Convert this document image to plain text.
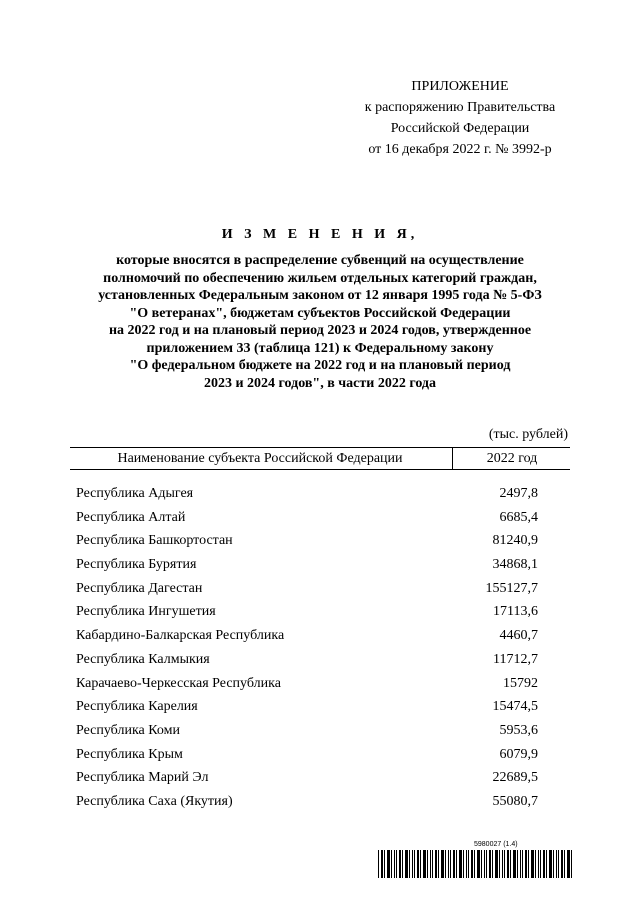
ПРИЛОЖЕНИЕ
к распоряжению Правительства
Российской Федерации
от 16 декабря 2022 г. № 3992-р
И З М Е Н Е Н И Я,
которые вносятся в распределение субвенций на осуществление
полномочий по обеспечению жильем отдельных категорий граждан,
установленных Федеральным законом от 12 января 1995 года № 5-ФЗ
"О ветеранах", бюджетам субъектов Российской Федерации
на 2022 год и на плановый период 2023 и 2024 годов, утвержденное
приложением 33 (таблица 121) к Федеральному закону
"О федеральном бюджете на 2022 год и на плановый период
2023 и 2024 годов", в части 2022 года
(тыс. рублей)
Наименование субъекта Российской Федерации	2022 год
Республика Адыгея	2497,8
Республика Алтай	6685,4
Республика Башкортостан	81240,9
Республика Бурятия	34868,1
Республика Дагестан	155127,7
Республика Ингушетия	17113,6
Кабардино-Балкарская Республика	4460,7
Республика Калмыкия	11712,7
Карачаево-Черкесская Республика	15792
Республика Карелия	15474,5
Республика Коми	5953,6
Республика Крым	6079,9
Республика Марий Эл	22689,5
Республика Саха (Якутия)	55080,7
5980027 (1.4)
